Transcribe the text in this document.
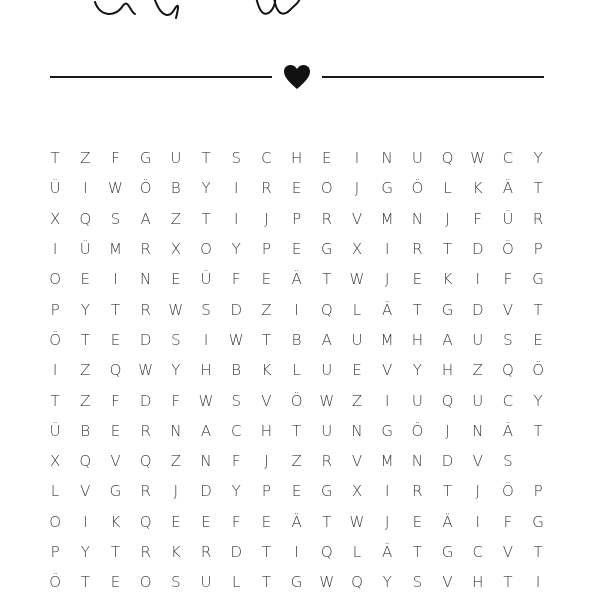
T	Z	F	G	U	T	S	C	H	E	I	N	U	Q	W	C	Y
Ü	I	W	Ö	B	Y	I	R	E	O	J	G	Ö	L	K	Ä	T
X	Q	S	A	Z	T	I	J	P	R	V	M	N	J	F	Ü	R
I	Ü	M	R	X	O	Y	P	E	G	X	I	R	T	D	Ö	P
O	E	I	N	E	Ü	F	E	Ä	T	W	J	E	K	I	F	G
P	Y	T	R	W	S	D	Z	I	Q	L	Ä	T	G	D	V	T
Ö	T	E	D	S	I	W	T	B	A	U	M	H	A	U	S	E
I	Z	Q	W	Y	H	B	K	L	U	E	V	Y	H	Z	Q	Ö
T	Z	F	D	F	W	S	V	Ö	W	Z	I	U	Q	U	C	Y
Ü	B	E	R	N	A	C	H	T	U	N	G	Ö	J	N	Ä	T
X	Q	V	Q	Z	N	F	J	Z	R	V	M	N	D	V	S
L	V	G	R	J	D	Y	P	E	G	X	I	R	T	J	Ö	P
O	I	K	Q	E	E	F	E	Ä	T	W	J	E	Ä	I	F	G
P	Y	T	R	K	R	D	T	I	Q	L	Ä	T	G	C	V	T
Ö	T	E	O	S	U	L	T	G	W	Q	Y	S	V	H	T	I
